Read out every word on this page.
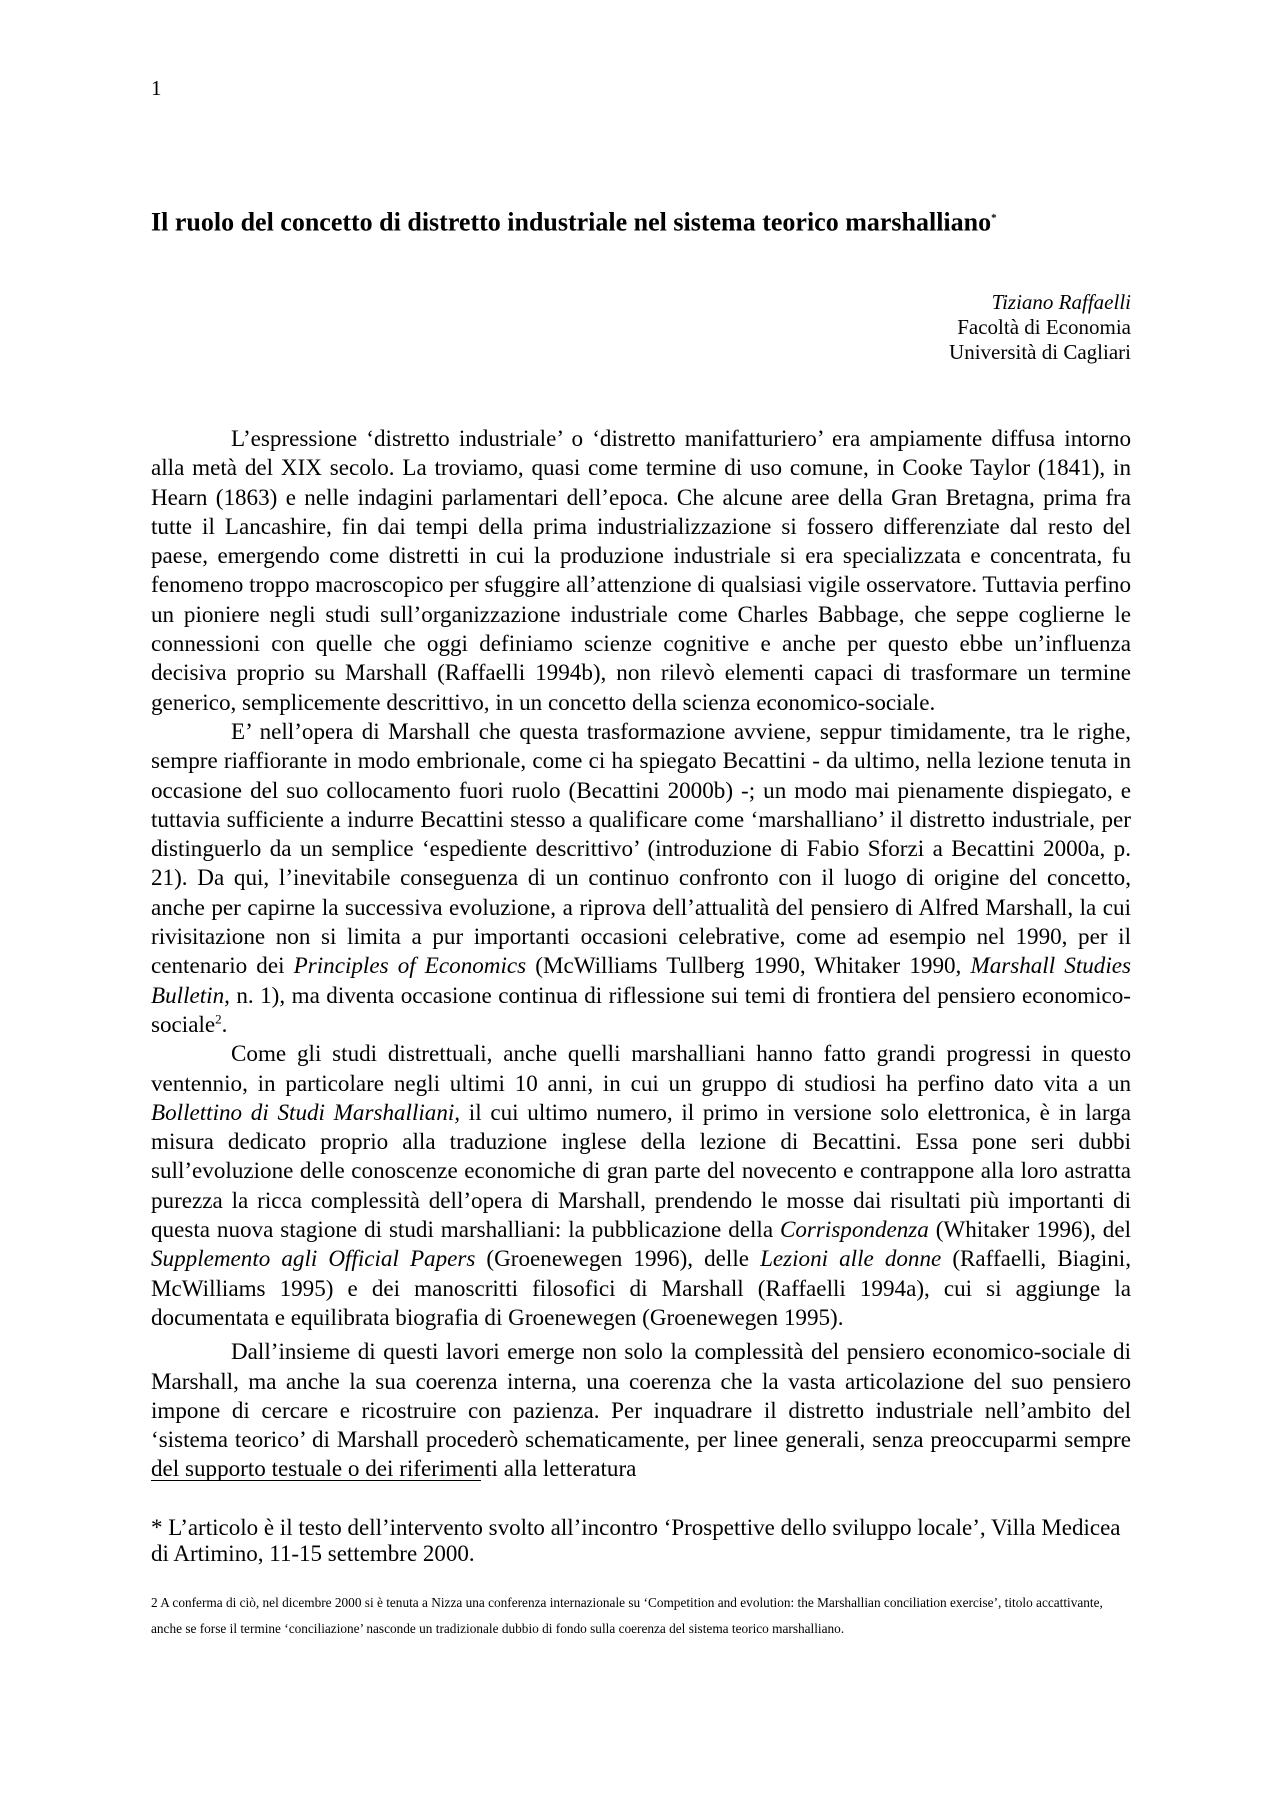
1
Il ruolo del concetto di distretto industriale nel sistema teorico marshalliano*
Tiziano Raffaelli
Facoltà di Economia
Università di Cagliari

L’espressione ‘distretto industriale’ o ‘distretto manifatturiero’ era ampiamente diffusa intorno alla metà del XIX secolo. La troviamo, quasi come termine di uso comune, in Cooke Taylor (1841), in Hearn (1863) e nelle indagini parlamentari dell’epoca. Che alcune aree della Gran Bretagna, prima fra tutte il Lancashire, fin dai tempi della prima industrializzazione si fossero differenziate dal resto del paese, emergendo come distretti in cui la produzione industriale si era specializzata e concentrata, fu fenomeno troppo macroscopico per sfuggire all’attenzione di qualsiasi vigile osservatore. Tuttavia perfino un pioniere negli studi sull’organizzazione industriale come Charles Babbage, che seppe coglierne le connessioni con quelle che oggi definiamo scienze cognitive e anche per questo ebbe un’influenza decisiva proprio su Marshall (Raffaelli 1994b), non rilevò elementi capaci di trasformare un termine generico, semplicemente descrittivo, in un concetto della scienza economico-sociale.

E’ nell’opera di Marshall che questa trasformazione avviene, seppur timidamente, tra le righe, sempre riaffiorante in modo embrionale, come ci ha spiegato Becattini - da ultimo, nella lezione tenuta in occasione del suo collocamento fuori ruolo (Becattini 2000b) -; un modo mai pienamente dispiegato, e tuttavia sufficiente a indurre Becattini stesso a qualificare come ‘marshalliano’ il distretto industriale, per distinguerlo da un semplice ‘espediente descrittivo’ (introduzione di Fabio Sforzi a Becattini 2000a, p. 21). Da qui, l’inevitabile conseguenza di un continuo confronto con il luogo di origine del concetto, anche per capirne la successiva evoluzione, a riprova dell’attualità del pensiero di Alfred Marshall, la cui rivisitazione non si limita a pur importanti occasioni celebrative, come ad esempio nel 1990, per il centenario dei Principles of Economics (McWilliams Tullberg 1990, Whitaker 1990, Marshall Studies Bulletin, n. 1), ma diventa occasione continua di riflessione sui temi di frontiera del pensiero economico-sociale$^2$.

Come gli studi distrettuali, anche quelli marshalliani hanno fatto grandi progressi in questo ventennio, in particolare negli ultimi 10 anni, in cui un gruppo di studiosi ha perfino dato vita a un Bollettino di Studi Marshalliani, il cui ultimo numero, il primo in versione solo elettronica, è in larga misura dedicato proprio alla traduzione inglese della lezione di Becattini. Essa pone seri dubbi sull’evoluzione delle conoscenze economiche di gran parte del novecento e contrappone alla loro astratta purezza la ricca complessità dell’opera di Marshall, prendendo le mosse dai risultati più importanti di questa nuova stagione di studi marshalliani: la pubblicazione della Corrispondenza (Whitaker 1996), del Supplemento agli Official Papers (Groenewegen 1996), delle Lezioni alle donne (Raffaelli, Biagini, McWilliams 1995) e dei manoscritti filosofici di Marshall (Raffaelli 1994a), cui si aggiunge la documentata e equilibrata biografia di Groenewegen (Groenewegen 1995).

Dall’insieme di questi lavori emerge non solo la complessità del pensiero economico-sociale di Marshall, ma anche la sua coerenza interna, una coerenza che la vasta articolazione del suo pensiero impone di cercare e ricostruire con pazienza. Per inquadrare il distretto industriale nell’ambito del ‘sistema teorico’ di Marshall procederò schematicamente, per linee generali, senza preoccuparmi sempre del supporto testuale o dei riferimenti alla letteratura

* L’articolo è il testo dell’intervento svolto all’incontro ‘Prospettive dello sviluppo locale’, Villa Medicea di Artimino, 11-15 settembre 2000.
2 A conferma di ciò, nel dicembre 2000 si è tenuta a Nizza una conferenza internazionale su ‘Competition and evolution: the Marshallian conciliation exercise’, titolo accattivante, anche se forse il termine ‘conciliazione’ nasconde un tradizionale dubbio di fondo sulla coerenza del sistema teorico marshalliano.
